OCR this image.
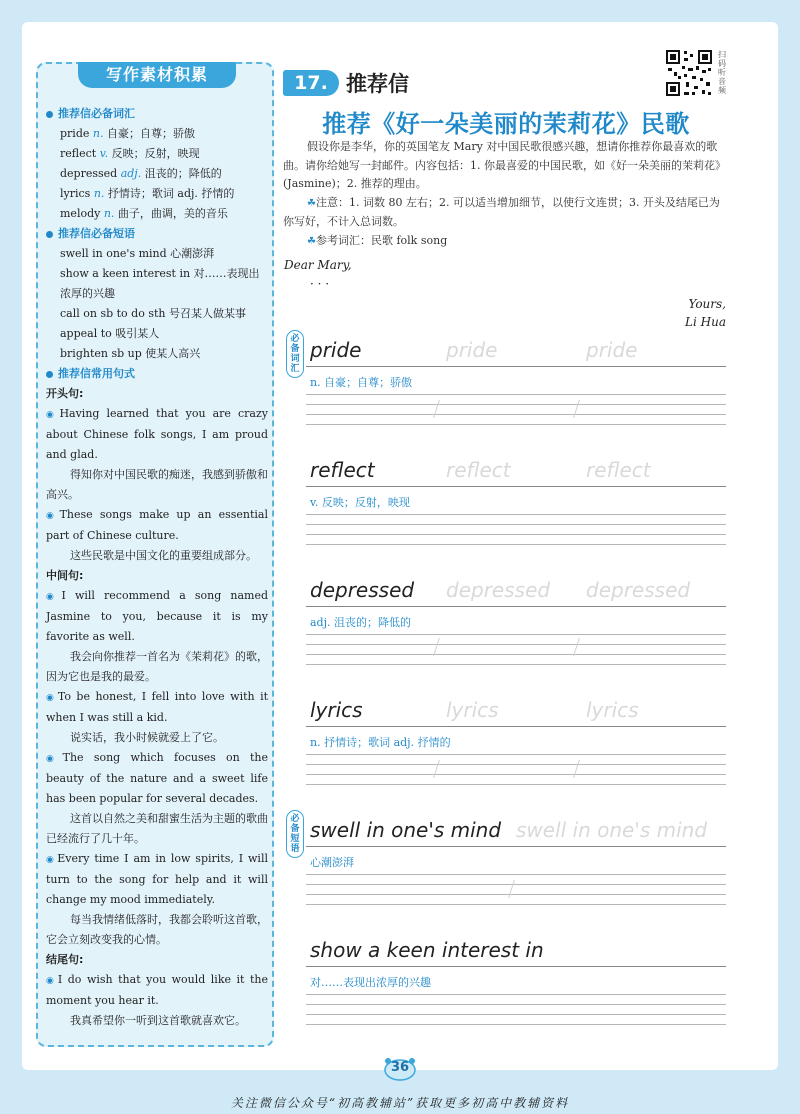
写作素材积累
推荐信必备词汇
pride n. 自豪；自尊；骄傲
reflect v. 反映；反射，映现
depressed adj. 沮丧的；降低的
lyrics n. 抒情诗；歌词 adj. 抒情的
melody n. 曲子，曲调，美的音乐
推荐信必备短语
swell in one's mind 心潮澎湃
show a keen interest in 对……表现出浓厚的兴趣
call on sb to do sth 号召某人做某事
appeal to 吸引某人
brighten sb up 使某人高兴
推荐信常用句式
开头句:
◉ Having learned that you are crazy about Chinese folk songs, I am proud and glad.
得知你对中国民歌的痴迷，我感到骄傲和高兴。
◉ These songs make up an essential part of Chinese culture.
这些民歌是中国文化的重要组成部分。
中间句:
◉ I will recommend a song named Jasmine to you, because it is my favorite as well.
我会向你推荐一首名为《茉莉花》的歌，因为它也是我的最爱。
◉ To be honest, I fell into love with it when I was still a kid.
说实话，我小时候就爱上了它。
◉ The song which focuses on the beauty of the nature and a sweet life has been popular for several decades.
这首以自然之美和甜蜜生活为主题的歌曲已经流行了几十年。
◉ Every time I am in low spirits, I will turn to the song for help and it will change my mood immediately.
每当我情绪低落时，我都会聆听这首歌，它会立刻改变我的心情。
结尾句:
◉ I do wish that you would like it the moment you hear it.
我真希望你一听到这首歌就喜欢它。
17. 推荐信
扫码听音频
推荐《好一朵美丽的茉莉花》民歌

假设你是李华，你的英国笔友 Mary 对中国民歌很感兴趣，想请你推荐你最喜欢的歌曲。请你给她写一封邮件。内容包括：1. 你最喜爱的中国民歌，如《好一朵美丽的茉莉花》(Jasmine)；2. 推荐的理由。

☘注意：1. 词数 80 左右；2. 可以适当增加细节，以使行文连贯；3. 开头及结尾已为你写好，不计入总词数。

☘参考词汇：民歌 folk song

Dear Mary,
· · ·
Yours,
Li Hua
必备词汇
必备短语
pride	pride	pride
n. 自豪；自尊；骄傲
reflect	reflect	reflect
v. 反映；反射，映现
depressed depressed depressed
adj. 沮丧的；降低的
lyrics	lyrics	lyrics
n. 抒情诗；歌词 adj. 抒情的
swell in one's mind swell in one's mind
心潮澎湃
show a keen interest in
对……表现出浓厚的兴趣
36
关注微信公众号“初高教辅站”获取更多初高中教辅资料
